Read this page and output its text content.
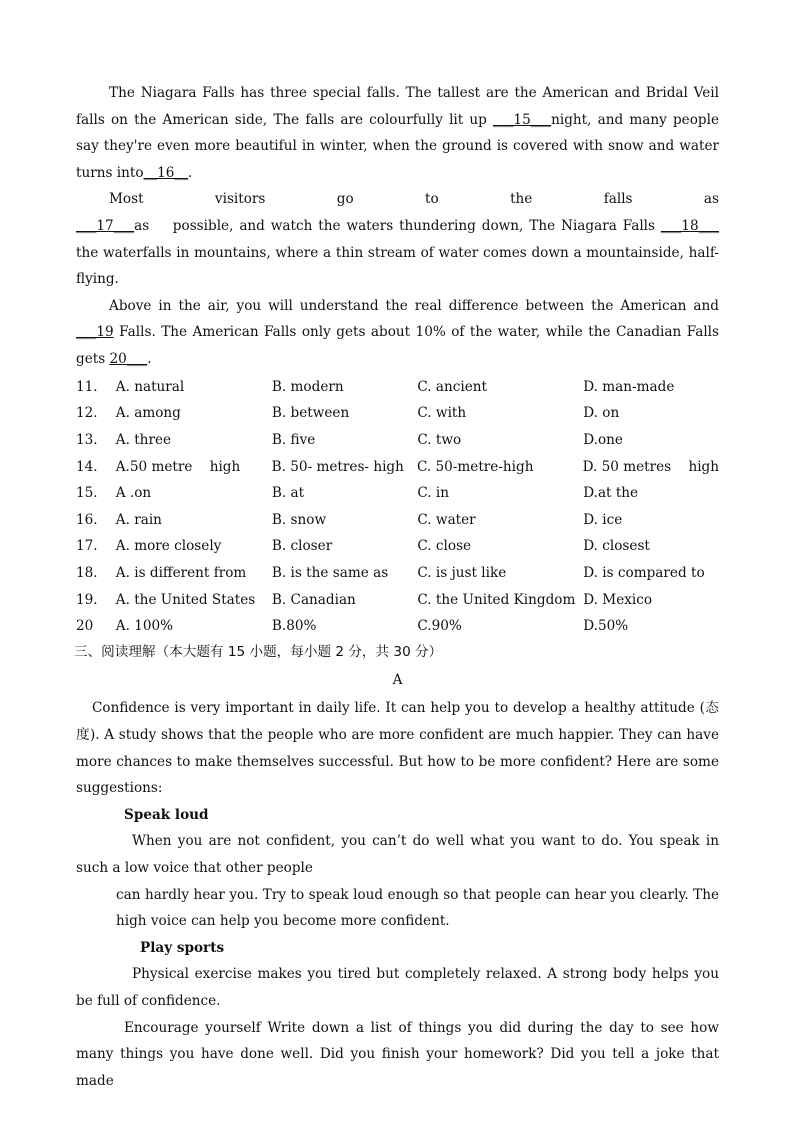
The Niagara Falls has three special falls. The tallest are the American and Bridal Veil falls on the American side, The falls are colourfully lit up ___15___night, and many people say they're even more beautiful in winter, when the ground is covered with snow and water turns into__16__.

Most visitors go to the falls as ___17___as    possible, and watch the waters thundering down, The Niagara Falls ___18___ the waterfalls in mountains, where a thin stream of water comes down a mountainside, half-flying.

Above in the air, you will understand the real difference between the American and ___19 Falls. The American Falls only gets about 10% of the water, while the Canadian Falls gets 20___.

11.	A. natural	B. modern	C. ancient	D. man-made
12.	A. among	B. between	C. with	D. on
13.	A. three	B. five	C. two	D.one
14.	A.50 metre    high	B. 50- metres- high C. 50-metre-high	D. 50 metres    high
15.	A .on	B. at	C. in	D.at the
16.	A. rain	B. snow	C. water	D. ice
17.	A. more closely	B. closer	C. close	D. closest
18.	A. is different from	B. is the same as	C. is just like	D. is compared to
19.	A. the United States	B. Canadian	C. the United Kingdom D. Mexico
20	A. 100%	B.80%	C.90%	D.50%

三、阅读理解（本大题有 15 小题，每小题 2 分，共 30 分）

A

Confidence is very important in daily life. It can help you to develop a healthy attitude (态度). A study shows that the people who are more confident are much happier. They can have more chances to make themselves successful. But how to be more confident? Here are some suggestions:

Speak loud

When you are not confident, you can’t do well what you want to do. You speak in such a low voice that other people

can hardly hear you. Try to speak loud enough so that people can hear you clearly. The high voice can help you become more confident.

Play sports

Physical exercise makes you tired but completely relaxed. A strong body helps you be full of confidence.

Encourage yourself Write down a list of things you did during the day to see how many things you have done well. Did you finish your homework? Did you tell a joke that made
